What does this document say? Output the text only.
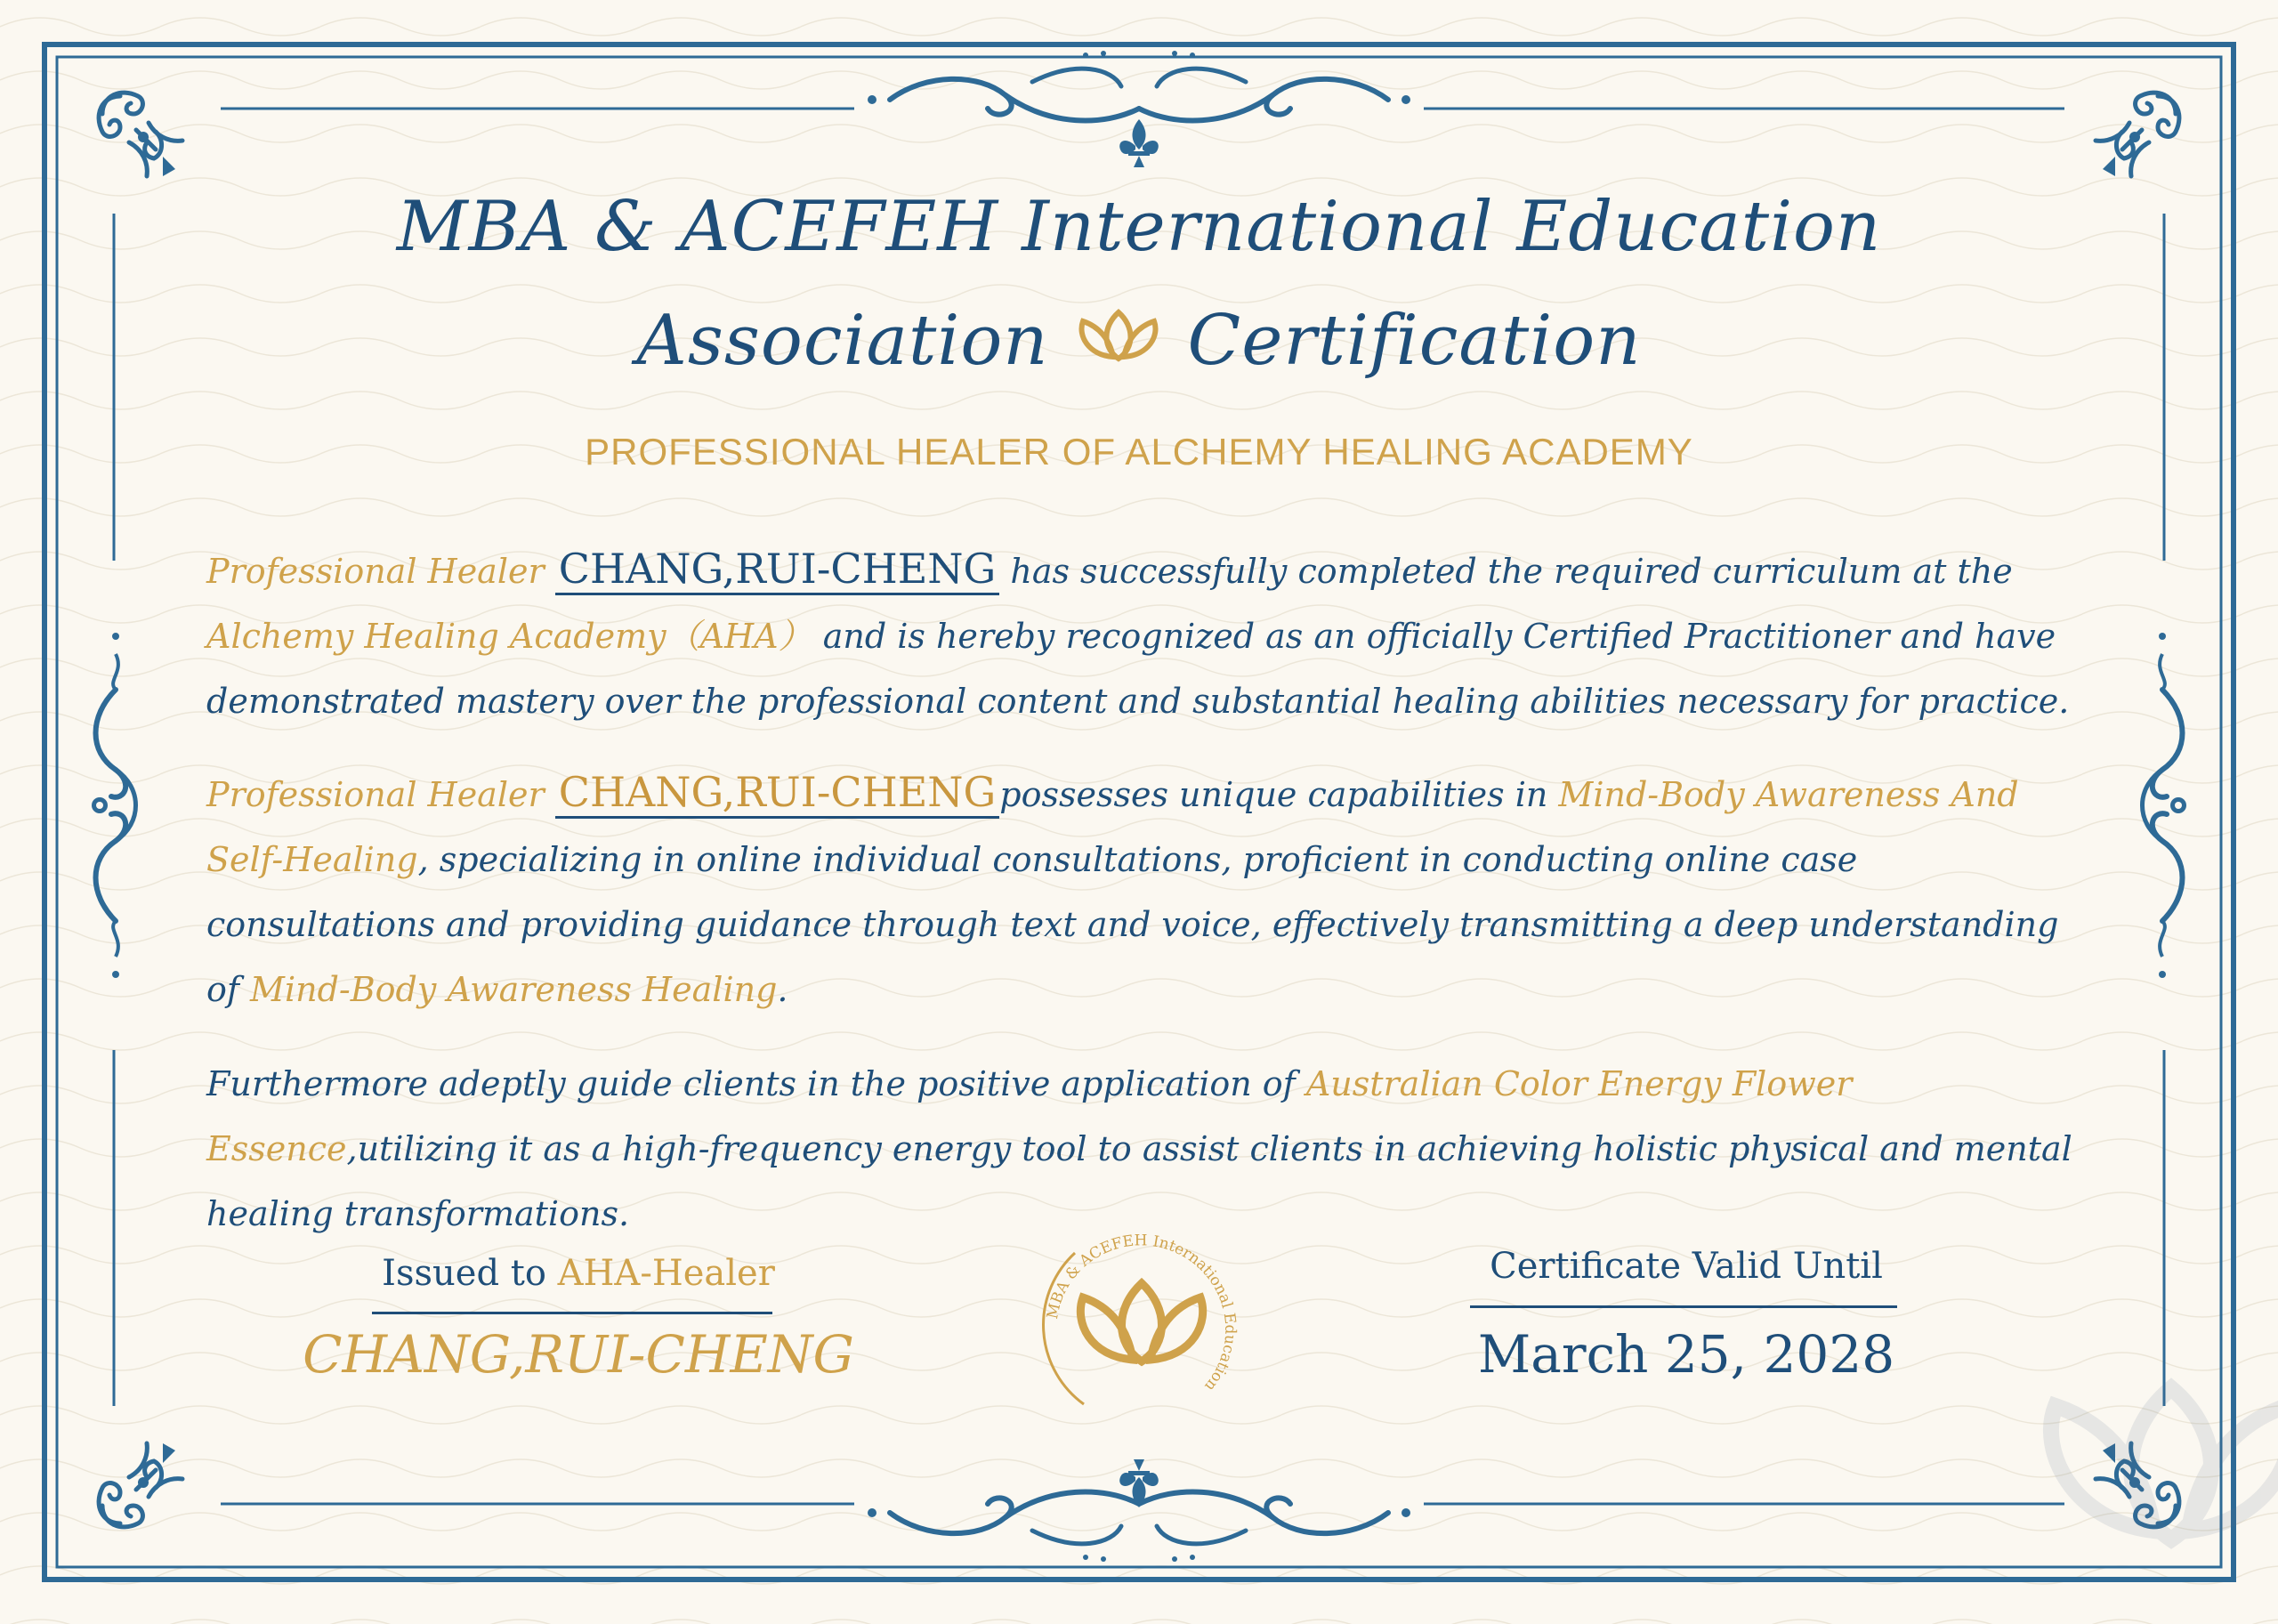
MBA & ACEFEH International Education
Association Certification
PROFESSIONAL HEALER OF ALCHEMY HEALING ACADEMY
Professional Healer CHANG,RUI-CHENG has successfully completed the required curriculum at the Alchemy Healing Academy（AHA） and is hereby recognized as an officially Certified Practitioner and have demonstrated mastery over the professional content and substantial healing abilities necessary for practice.
Professional Healer CHANG,RUI-CHENG possesses unique capabilities in Mind-Body Awareness And Self-Healing, specializing in online individual consultations, proficient in conducting online case consultations and providing guidance through text and voice, effectively transmitting a deep understanding of Mind-Body Awareness Healing.
Furthermore adeptly guide clients in the positive application of Australian Color Energy Flower Essence,utilizing it as a high-frequency energy tool to assist clients in achieving holistic physical and mental healing transformations.
Issued to AHA-Healer
CHANG,RUI-CHENG
MBA & ACEFEH International Education
Certificate Valid Until
March 25, 2028
